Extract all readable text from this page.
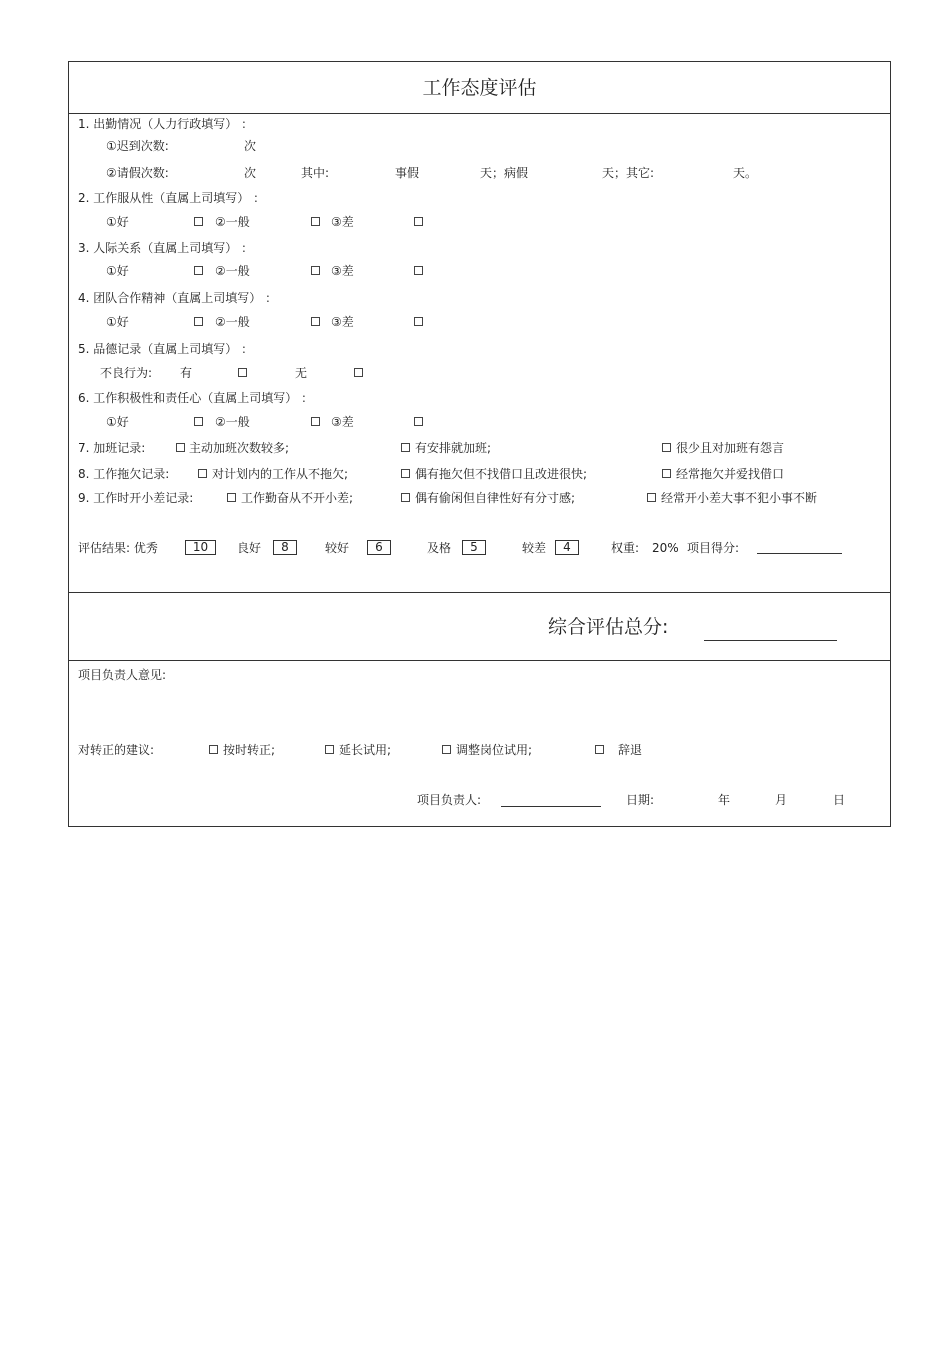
工作态度评估
1. 出勤情况（人力行政填写） ：
①迟到次数:	次
②请假次数:	次	其中:	事假	天；病假	天；其它:	天。
2. 工作服从性（直属上司填写） ：
①好	②一般	③差
3. 人际关系（直属上司填写） ：
①好	②一般	③差
4. 团队合作精神（直属上司填写） ：
①好	②一般	③差
5. 品德记录（直属上司填写） ：
不良行为: 有	无
6. 工作积极性和责任心（直属上司填写） ：
①好	②一般	③差
7. 加班记录:	主动加班次数较多;	有安排就加班;	很少且对加班有怨言
8. 工作拖欠记录:	对计划内的工作从不拖欠;	偶有拖欠但不找借口且改进很快;	经常拖欠并爱找借口
9. 工作时开小差记录:	工作勤奋从不开小差;	偶有偷闲但自律性好有分寸感;	经常开小差大事不犯小事不断
评估结果: 优秀	10	良好	8	较好	6	及格	5	较差	4	权重: 20% 项目得分:
综合评估总分:
项目负责人意见:
对转正的建议:	按时转正;	延长试用;	调整岗位试用;	辞退
项目负责人:	日期:	年	月	日
